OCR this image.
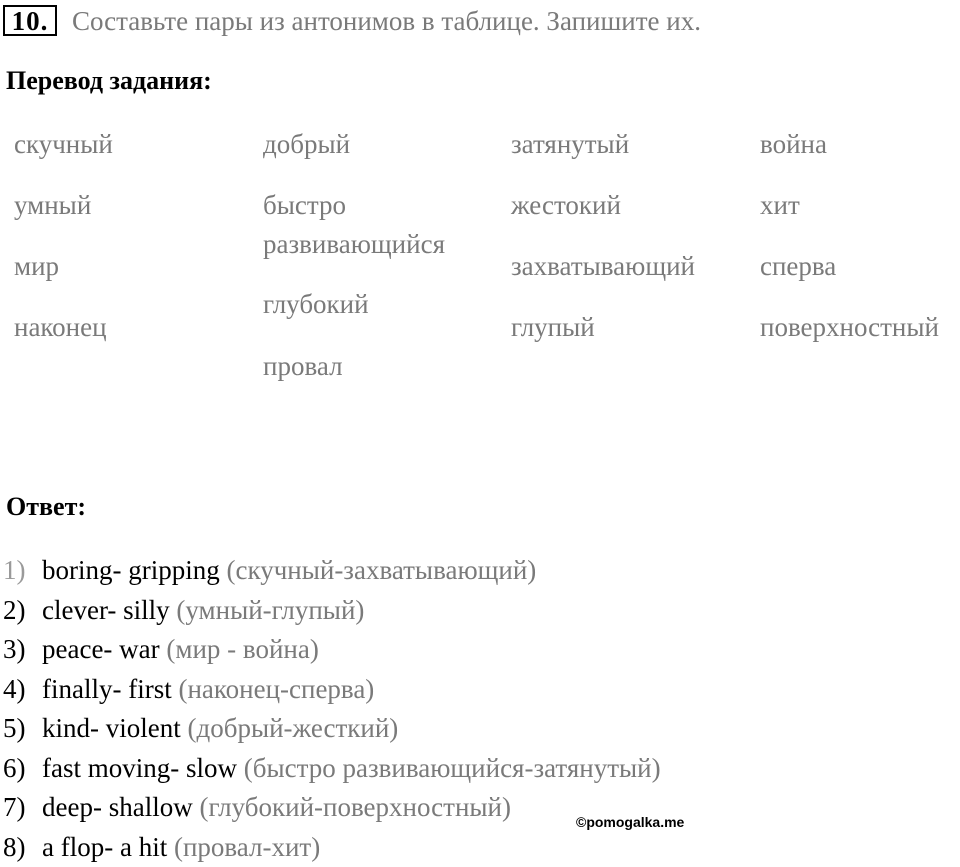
10. Составьте пары из антонимов в таблице. Запишите их.
Перевод задания:
скучный
умный
мир
наконец
добрый
быстро
развивающийся
глубокий
провал
затянутый
жестокий
захватывающий
глупый
война
хит
сперва
поверхностный
Ответ:
1) boring- gripping (скучный-захватывающий)
2) clever- silly (умный-глупый)
3) peace- war (мир - война)
4) finally- first (наконец-сперва)
5) kind- violent (добрый-жесткий)
6) fast moving- slow (быстро развивающийся-затянутый)
7) deep- shallow (глубокий-поверхностный)
8) a flop- a hit (провал-хит)
©pomogalka.me
